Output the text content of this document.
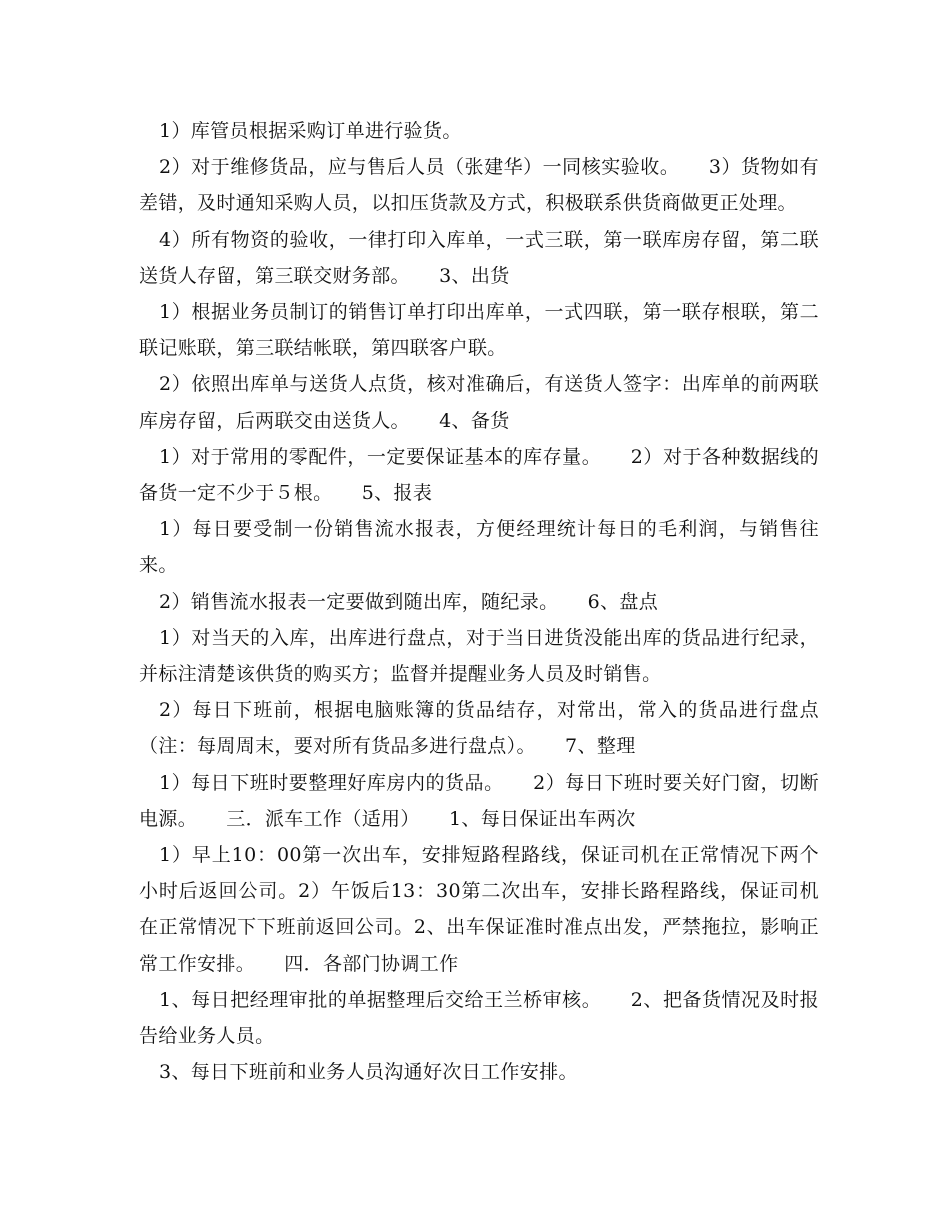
1）库管员根据采购订单进行验货。

2）对于维修货品，应与售后人员（张建华）一同核实验收。　　3）货物如有差错，及时通知采购人员，以扣压货款及方式，积极联系供货商做更正处理。

4）所有物资的验收，一律打印入库单，一式三联，第一联库房存留，第二联送货人存留，第三联交财务部。　　3、出货

1）根据业务员制订的销售订单打印出库单，一式四联，第一联存根联，第二联记账联，第三联结帐联，第四联客户联。

2）依照出库单与送货人点货，核对准确后，有送货人签字：出库单的前两联库房存留，后两联交由送货人。　　4、备货

1）对于常用的零配件，一定要保证基本的库存量。　　2）对于各种数据线的备货一定不少于５根。　　5、报表

1）每日要受制一份销售流水报表，方便经理统计每日的毛利润，与销售往来。

2）销售流水报表一定要做到随出库，随纪录。　　6、盘点

1）对当天的入库，出库进行盘点，对于当日进货没能出库的货品进行纪录，并标注清楚该供货的购买方；监督并提醒业务人员及时销售。

2）每日下班前，根据电脑账簿的货品结存，对常出，常入的货品进行盘点（注：每周周末，要对所有货品多进行盘点）。　　7、整理

1）每日下班时要整理好库房内的货品。　　2）每日下班时要关好门窗，切断电源。　　三．派车工作（适用）　　1、每日保证出车两次

1）早上10：00第一次出车，安排短路程路线，保证司机在正常情况下两个小时后返回公司。2）午饭后13：30第二次出车，安排长路程路线，保证司机在正常情况下下班前返回公司。2、出车保证准时准点出发，严禁拖拉，影响正常工作安排。　　四．各部门协调工作

1、每日把经理审批的单据整理后交给王兰桥审核。　　2、把备货情况及时报告给业务人员。

3、每日下班前和业务人员沟通好次日工作安排。
